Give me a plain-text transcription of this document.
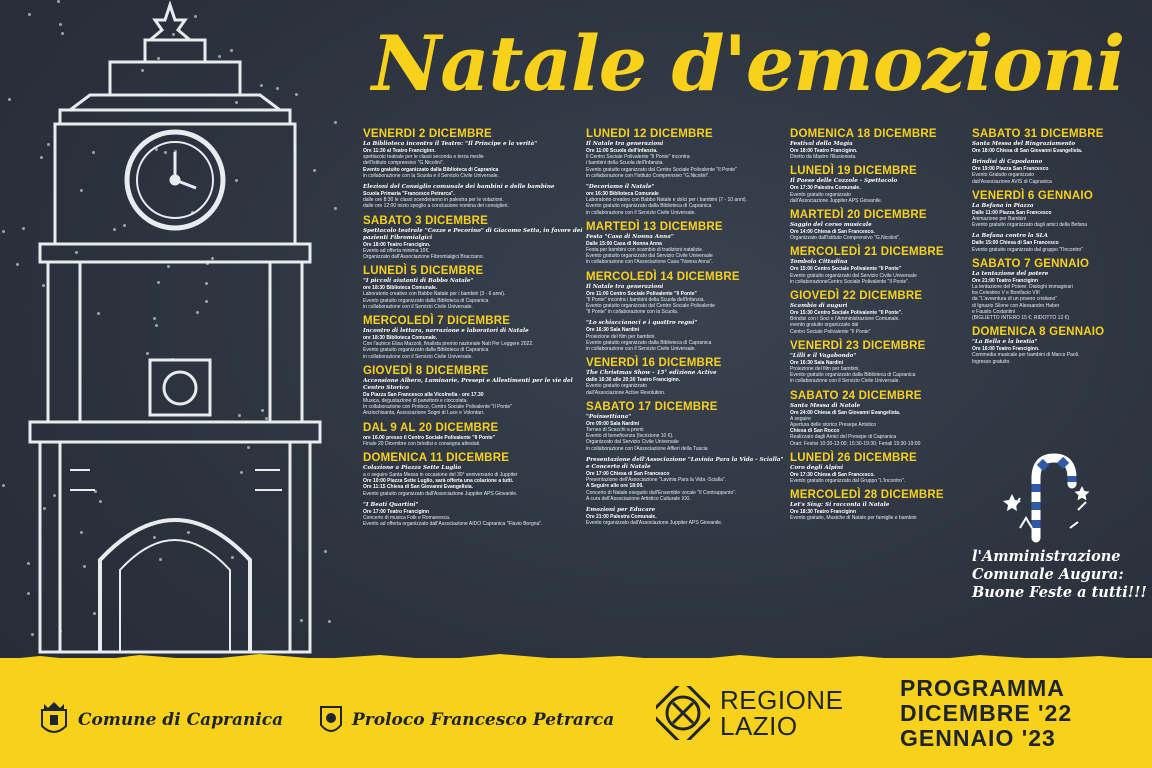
Natale d'emozioni
VENERDÌ 2 DICEMBRE
La Biblioteca incontra il Teatro: "Il Principe e la verità"
Ore 11:30 al Teatro Franciginn.
spettacolo teatrale per le classi seconda e terza medie
dell'Istituto comprensivo "G.Nicolini".
Evento gratuito organizzato dalla Biblioteca di Capranica
in collaborazione con la Scuola e il Servizio Civile Universale.
Elezioni del Consiglio comunale dei bambini e delle bambine
Scuola Primaria "Francesco Petrarca".
dalle ore 8:30 le classi scenderanno in palestra per le votazioni.
dalle ore 12:00 inizio spoglio a conclusione nomina dei consiglieri.
SABATO 3 DICEMBRE
Spettacolo teatrale "Cozze e Pecorino" di Giacomo Setta, in favore dei pazienti Fibromialgici
Ore 18:00 Teatro Franciginn.
Evento ad offerta minima 10€.
Organizzato dall'Associazione Fibromialgici Bracciano.
LUNEDÌ 5 DICEMBRE
"I piccoli aiutanti di Babbo Natale"
ore 18:30 Biblioteca Comunale.
Laboratorio creativo con Babbo Natale per i bambini (3 - 6 anni).
Evento gratuito organizzato dalla Biblioteca di Capranica
in collaborazione con il Servizio Civile Universale.
MERCOLEDÌ 7 DICEMBRE
Incontro di lettura, narrazione e laboratori di Natale
ore 18:30 Biblioteca Comunale.
Con l'autrice Elisa Mazzoli, finalista premio nazionale Nati Per Leggere 2022.
Evento gratuito organizzato dalla Biblioteca di Capranica
in collaborazione con il Servizio Civile Universale.
GIOVEDÌ 8 DICEMBRE
Accensione Albero, Luminarie, Presepi e Allestimenti per le vie del Centro Storico
Da Piazza San Francesco alla Vicolnella - ore 17.30
Musica, degustazione di panettoni e cioccolata.
In collaborazione con Proloco, Centro Sociale Polivalente "Il Ponte"
Anziochisanta, Associazione Sogni di Luce e Volontari.
DAL 9 AL 20 DICEMBRE
ore 16.00 presso il Centro Sociale Polivalente "Il Ponte"
Finale 20 Dicembre con brindisi e consegna attestati.
DOMENICA 11 DICEMBRE
Colazione a Piazza Sette Luglio
a o seguire Santa Messa in occasione del 30° anniversario di Juppiter
Ore 10:00 Piazza Sette Luglio, sarà offerta una colazione a tutti.
Ore 11:15 Chiesa di San Giovanni Evangelista.
Evento gratuito organizzato dall'Associazione Juppiter APS Giovanile.
"I Beati Quartini"
Ore 17:00 Teatro Franciginn
Concerto di musica Folk e Romanesca.
Evento ad offerta organizzato dall'Associazione AIDO Capranica "Flavio Borgna".
LUNEDÌ 12 DICEMBRE
Il Natale tra generazioni
Ore 11:00 Scuola dell'Infanzia.
Il Centro Sociale Polivalente "Il Ponte" incontra
i bambini della Scuola dell'Infanzia.
Evento gratuito organizzato dal Centro Sociale Polivalente "Il Ponte"
in collaborazione con l'Istituto Comprensivo "G.Nicolini".
"Decoriamo il Natale"
ore 16:30 Biblioteca Comunale
Laboratorio creativo con Babbo Natale e dolci per i bambini (7 - 10 anni).
Evento gratuito organizzato dalla Biblioteca di Capranica
in collaborazione con il Servizio Civile Universale.
MARTEDÌ 13 DICEMBRE
Festa "Casa di Nonna Anna"
Dalle 15:00 Casa di Nonna Anna
Festa per bambini con scambio di tradizioni natalizie.
Evento gratuito organizzato dal Servizio Civile Universale
in collaborazione con l'Associazione Casa "Nonna Anna".
MERCOLEDÌ 14 DICEMBRE
Il Natale tra generazioni
Ore 11:00 Centro Sociale Polivalente "Il Ponte"
"Il Ponte" incontra i bambini della Scuola dell'Infanzia.
Evento gratuito organizzato dal Centro Sociale Polivalente
"Il Ponte" in collaborazione con la Scuola.
"Lo schiaccianoci e i quattro regni"
Ore 16:30 Sala Nardini
Proiezione del film per bambini.
Evento gratuito organizzato dalla Biblioteca di Capranica
in collaborazione con il Servizio Civile Universale.
VENERDÌ 16 DICEMBRE
The Christmas Show - 15° edizione Active
dalle 16:30 alle 20:30 Teatro Franciginn.
Evento gratuito organizzato
dall'Associazione Active Revolution.
SABATO 17 DICEMBRE
"Poinsettiana"
Ore 09:00 Sala Nardini
Torneo di Scacchi a premi
Evento di beneficenza (Iscrizione 10 €).
Organizzato dal Servizio Civile Universale
in collaborazione con l'Associazione Affieri della Tuscia
Presentazione dell'Associazione "Lavinia Para la Vida - Scialla" e Concerto di Natale
Ore 17:00 Chiesa di San Francesco
Presentazione dell'Associazione "Lavinia Para la Vida -Scialla".
A Seguire alle ore 18:00.
Concerto di Natale eseguito dall'Ensemble vocale "Il Contrappunto".
A cura dell'Associazione Artistico Culturale XXI.
Emozioni per Educare
Ore 21:00 Palestra Comunale.
Evento organizzato dall'Associazione Juppiter APS Giovanile.
DOMENICA 18 DICEMBRE
Festival della Magia
Ore 18:00 Teatro Franciginn.
Diretto da Mastro l'Illusionista.
LUNEDÌ 19 DICEMBRE
Il Paese delle Cozzole - Spettacolo
Ore 17:30 Palestra Comunale.
Evento gratuito organizzato
dall'Associazione Juppiter APS Giovanile.
MARTEDÌ 20 DICEMBRE
Saggio del corso musicale
Ore 14:00 Chiesa di San Francesco.
Organizzato dall'Istituto Comprensivo "G.Nicolini".
MERCOLEDÌ 21 DICEMBRE
Tombola Cittadina
Ore 15:00 Centro Sociale Polivalente "Il Ponte"
Evento gratuito organizzato dal Servizio Civile Universale
in collaborazioneCentro Sociale Polivalente "Il Ponte".
GIOVEDÌ 22 DICEMBRE
Scambio di auguri
Ore 15:30 Centro Sociale Polivalente "Il Ponte".
Brindisi con i Soci e l'Amministrazione Comunale.
evento gratuito organizzato dal
Centro Sociale Polivalente "Il Ponte"
VENERDÌ 23 DICEMBRE
"Lilli e il Vagabondo"
Ore 16:30 Sala Nardini
Proiezione del film per bambini.
Evento gratuito organizzato dalla Biblioteca di Capranica
in collaborazione con il Servizio Civile Universale.
SABATO 24 DICEMBRE
Santa Messa di Natale
Ore 24:00 Chiesa di San Giovanni Evangelista.
A seguire
Apertura delle storico Presepe Artistico
Chiesa di San Rocco
Realizzato dagli Amici del Presepe di Capranica
Orari: Festivi 10:30-13:00; 15:30-19:30; Feriali 15:30-19:00
LUNEDÌ 26 DICEMBRE
Coro degli Alpini
Ore 17:30 Chiesa di San Francesco.
Evento gratuito organizzato dal Gruppo "L'Incontro".
MERCOLEDÌ 28 DICEMBRE
Let's Sing: Si racconta il Natale
Ore 18:30 Teatro Franciginn
Evento gratuito, Musiche di Natale per famiglie e bambini
SABATO 31 DICEMBRE
Santa Messa del Ringraziamento
Ore 18:00 Chiesa di San Giovanni Evangelista.
Brindisi di Capodanno
Ore 19:00 Piazza San Francesco
Evento Gratuito organizzato
dall'Associazione AVIS di Capranica
VENERDÌ 6 GENNAIO
La Befana in Piazza
Dalle 11:00 Piazza San Francesco
Animazione per Bambini
Evento gratuito organizzato dagli amici della Befana
La Befana contro la SLA
Dalle 15:00 Chiesa di San Francesco
Evento gratuito organizzato dal gruppo "l'Incontro"
SABATO 7 GENNAIO
La tentazione del potere
Ore 21:00 Teatro Franciginn
La tentazione del Potere: Dialoghi immaginari
tra Celestino V e Bonifacio VIII
da "L'avventura di un povero cristiano"
di Ignazio Silone con Alessandro Haber
e Fausto Costantini
(BIGLIETTO INTERO 15 €; RIDOTTO 12 €)
DOMENICA 8 GENNAIO
"La Bella e la bestia"
Ore 16:00 Teatro Franciginn.
Commedia musicale per bambini di Marco Paoli.
Ingresso gratuito.
l'Amministrazione
Comunale Augura:
Buone Feste a tutti!!!
Comune di Capranica	Proloco Francesco Petrarca
REGIONE
LAZIO
PROGRAMMA
DICEMBRE '22
GENNAIO '23
